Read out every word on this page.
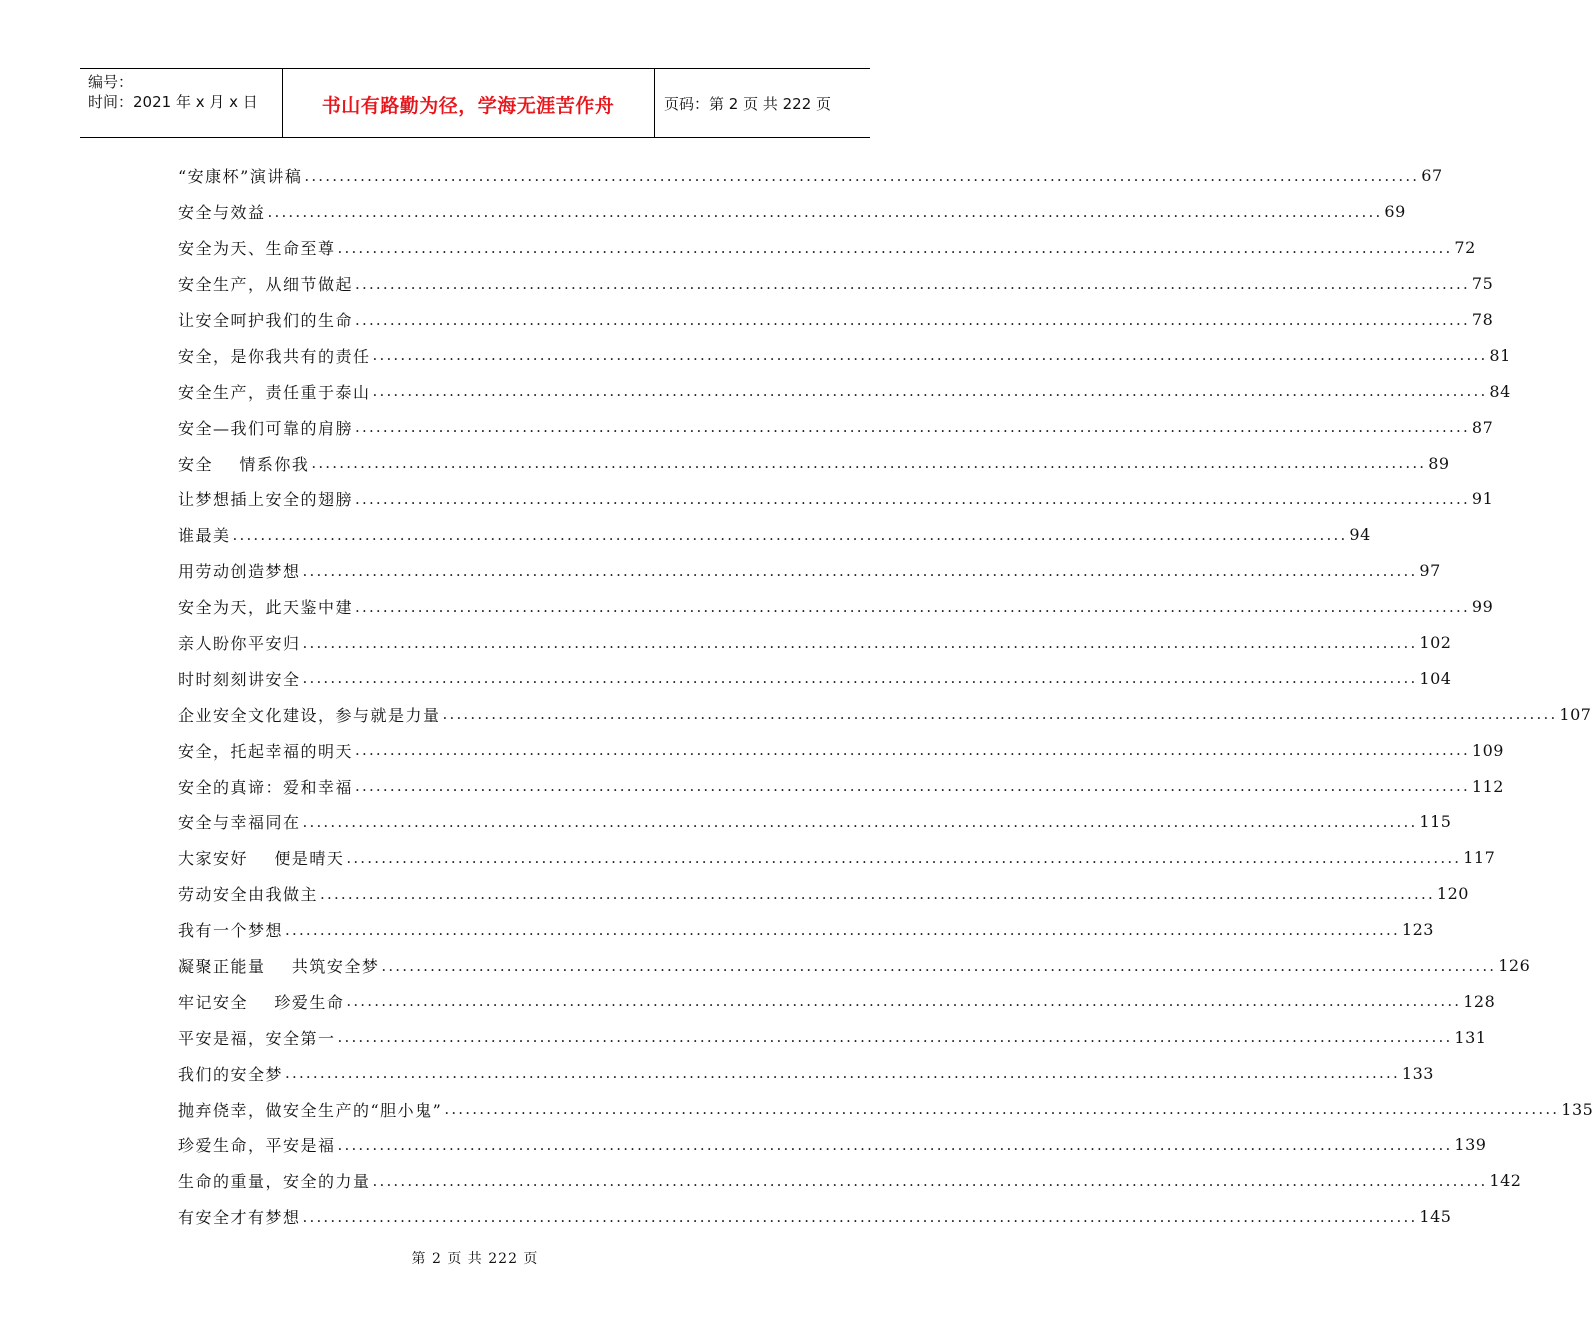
编号：
时间：2021 年 x 月 x 日	书山有路勤为径，学海无涯苦作舟	页码：第 2 页 共 222 页
“安康杯”演讲稿 ................................................................................................................................................................ 67
安全与效益 ................................................................................................................................................................ 69
安全为天、生命至尊 ................................................................................................................................................................ 72
安全生产，从细节做起 ................................................................................................................................................................ 75
让安全呵护我们的生命 ................................................................................................................................................................ 78
安全，是你我共有的责任 ................................................................................................................................................................ 81
安全生产，责任重于泰山 ................................................................................................................................................................ 84
安全—我们可靠的肩膀 ................................................................................................................................................................ 87
安全    情系你我 ................................................................................................................................................................ 89
让梦想插上安全的翅膀 ................................................................................................................................................................ 91
谁最美 ................................................................................................................................................................ 94
用劳动创造梦想 ................................................................................................................................................................ 97
安全为天，此天鉴中建 ................................................................................................................................................................ 99
亲人盼你平安归 ................................................................................................................................................................ 102
时时刻刻讲安全 ................................................................................................................................................................ 104
企业安全文化建设，参与就是力量 ................................................................................................................................................................ 107
安全，托起幸福的明天 ................................................................................................................................................................ 109
安全的真谛：爱和幸福 ................................................................................................................................................................ 112
安全与幸福同在 ................................................................................................................................................................ 115
大家安好    便是晴天 ................................................................................................................................................................ 117
劳动安全由我做主 ................................................................................................................................................................ 120
我有一个梦想 ................................................................................................................................................................ 123
凝聚正能量    共筑安全梦 ................................................................................................................................................................ 126
牢记安全    珍爱生命 ................................................................................................................................................................ 128
平安是福，安全第一 ................................................................................................................................................................ 131
我们的安全梦 ................................................................................................................................................................ 133
抛弃侥幸，做安全生产的“胆小鬼” ................................................................................................................................................................ 135
珍爱生命，平安是福 ................................................................................................................................................................ 139
生命的重量，安全的力量 ................................................................................................................................................................ 142
有安全才有梦想 ................................................................................................................................................................ 145
第 2 页 共 222 页
